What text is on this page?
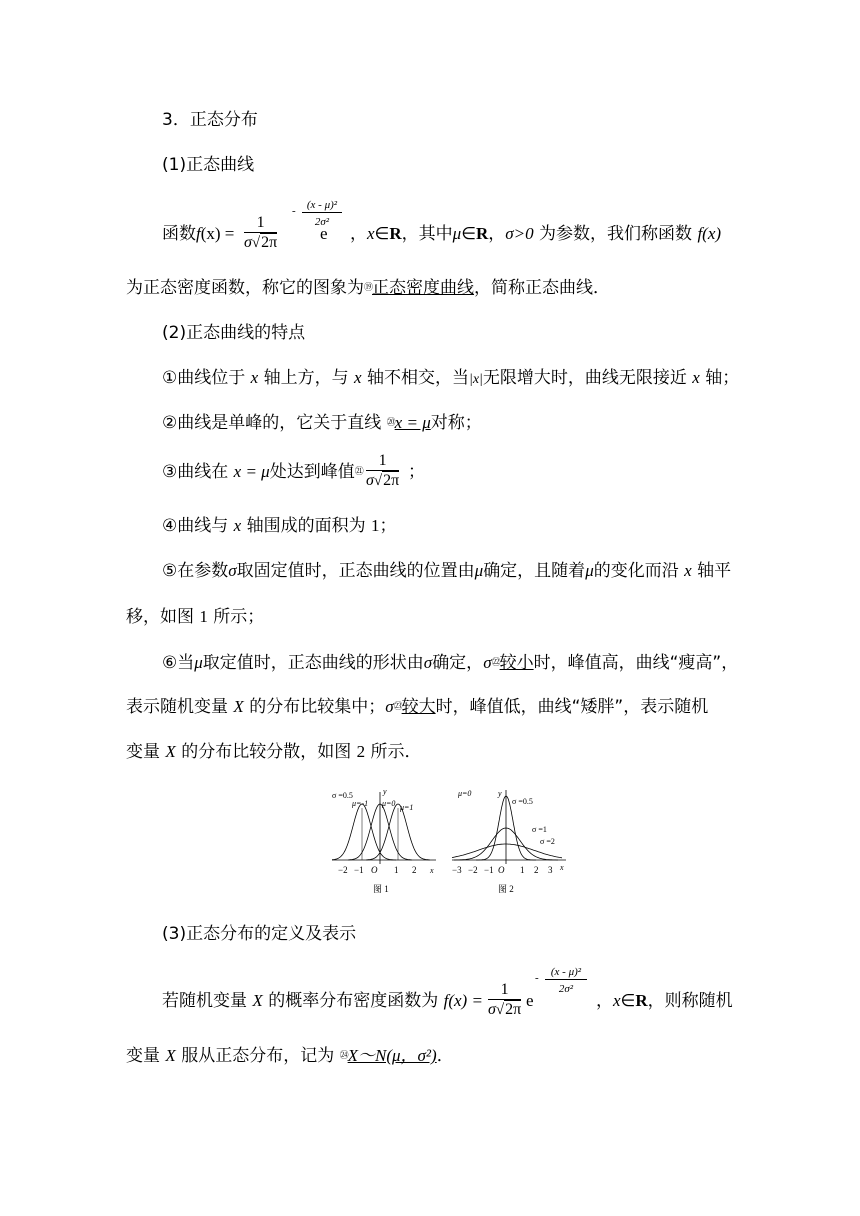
3．正态分布
(1)正态曲线
函数$f(x) = \frac{1}{\sigma√2\pi}$	e
-	(x - μ)²
2σ²
，x∈R，其中μ∈R，σ>0 为参数，我们称函数 f(x)
为正态密度函数，称它的图象为⑲正态密度曲线，简称正态曲线．
(2)正态曲线的特点
①曲线位于 x 轴上方，与 x 轴不相交，当|x|无限增大时，曲线无限接近 x 轴；
②曲线是单峰的，它关于直线 ⑳x = μ对称；
③曲线在 x = μ处达到峰值㉑ $\frac{1}{\sigma√2\pi}$ ；
④曲线与 x 轴围成的面积为 1；
⑤在参数σ取固定值时，正态曲线的位置由μ确定，且随着μ的变化而沿 x 轴平
移，如图 1 所示；
⑥当μ取定值时，正态曲线的形状由σ确定，σ㉒较小时，峰值高，曲线“瘦高”，
表示随机变量 X 的分布比较集中；σ㉓较大时，峰值低，曲线“矮胖”，表示随机
变量 X 的分布比较分散，如图 2 所示．
σ =0.5
μ=-1 μ=0 μ=1
y
x
−2 −1 O 1 2
图 1
μ=0	y
σ =0.5
σ =1
σ =2
x
−3 −2 −1 O 1 2 3
图 2
(3)正态分布的定义及表示
若随机变量 X 的概率分布密度函数为 $f(x) = \frac{1}{\sigma√2\pi}$ e
-	(x - μ)²
2σ²
，x∈R，则称随机
变量 X 服从正态分布，记为 ㉔X～N(μ，σ²)．
